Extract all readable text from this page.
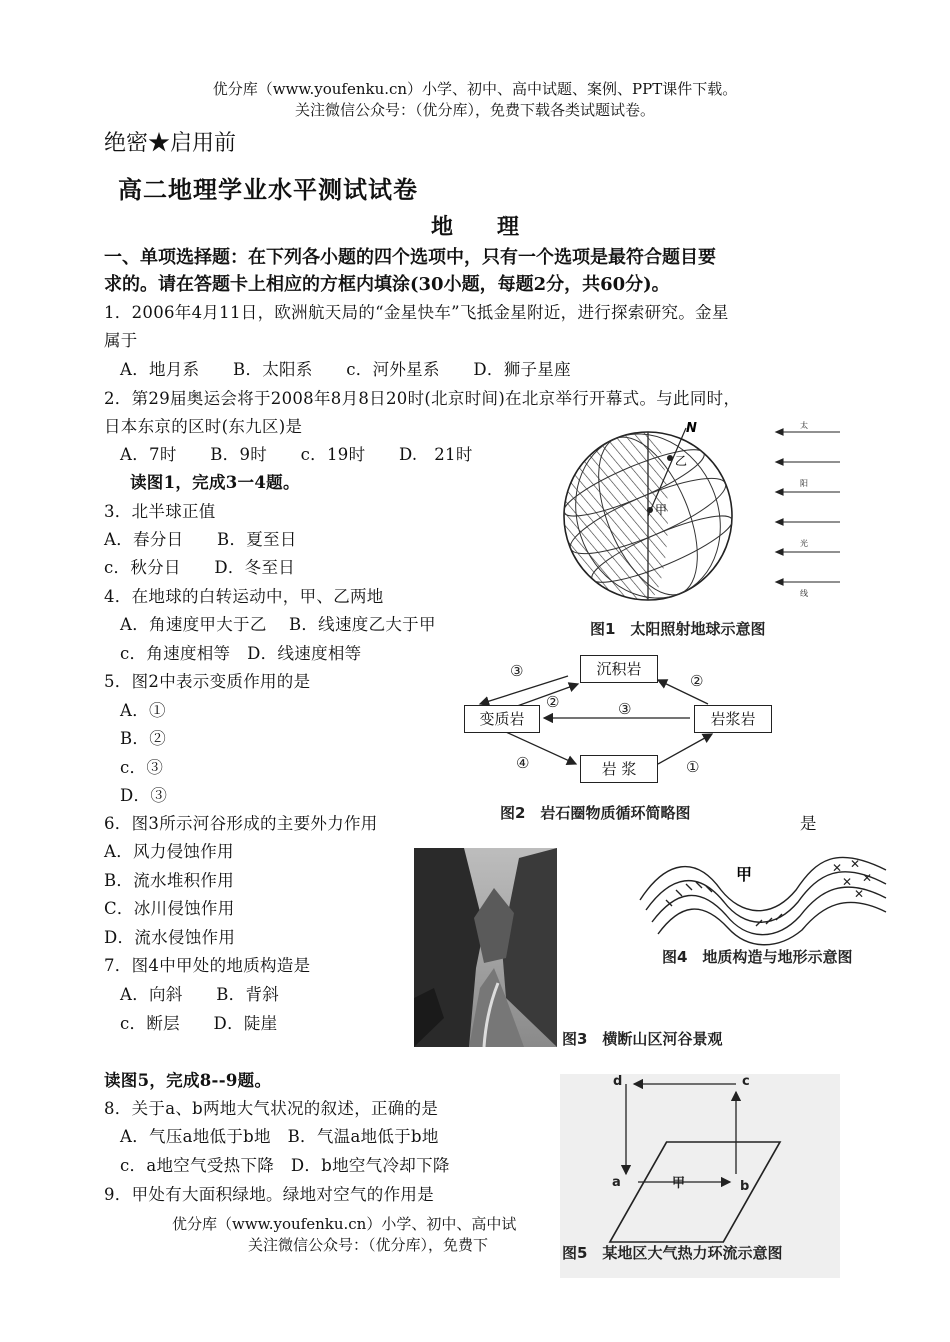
优分库（www.youfenku.cn）小学、初中、高中试题、案例、PPT课件下载。
关注微信公众号：（优分库），免费下载各类试题试卷。
绝密★启用前
高二地理学业水平测试试卷
地　　理
一、单项选择题：在下列各小题的四个选项中，只有一个选项是最符合题目要
求的。请在答题卡上相应的方框内填涂(30小题，每题2分，共60分)。
1．2006年4月11日，欧洲航天局的“金星快车”飞抵金星附近，进行探索研究。金星
属于
A．地月系　　B．太阳系　　c．河外星系　　D．狮子星座
2．第29届奥运会将于2008年8月8日20时(北京时间)在北京举行开幕式。与此同时，
日本东京的区时(东九区)是
A．7时　　B．9时　　c．19时　　D.　21时
读图1，完成3一4题。
3．北半球正值
A．春分日　　B．夏至日
c．秋分日　　D．冬至日
4．在地球的白转运动中，甲、乙两地
A．角速度甲大于乙　 B．线速度乙大于甲
c．角速度相等　D．线速度相等
5．图2中表示变质作用的是
A．①
B．②
c．③
D．③
6．图3所示河谷形成的主要外力作用	是
A．风力侵蚀作用
B．流水堆积作用
C．冰川侵蚀作用
D．流水侵蚀作用
7．图4中甲处的地质构造是
A．向斜　　B．背斜
c．断层　　D．陡崖
读图5，完成8--9题。
8．关于a、b两地大气状况的叙述，正确的是
A．气压a地低于b地　B．气温a地低于b地
c．a地空气受热下降　D．b地空气冷却下降
9．甲处有大面积绿地。绿地对空气的作用是
优分库（www.youfenku.cn）小学、初中、高中试
关注微信公众号：（优分库），免费下
N
乙
甲
太
阳
光
线
图1　太阳照射地球示意图
③
②
②
③
④	①
沉积岩
变质岩	岩浆岩
岩 浆
图2　岩石圈物质循环简略图
图3　横断山区河谷景观
✕ ✕
✕ ✕
✕
甲
图4　地质构造与地形示意图
d	c
a	b
甲
图5　某地区大气热力环流示意图
